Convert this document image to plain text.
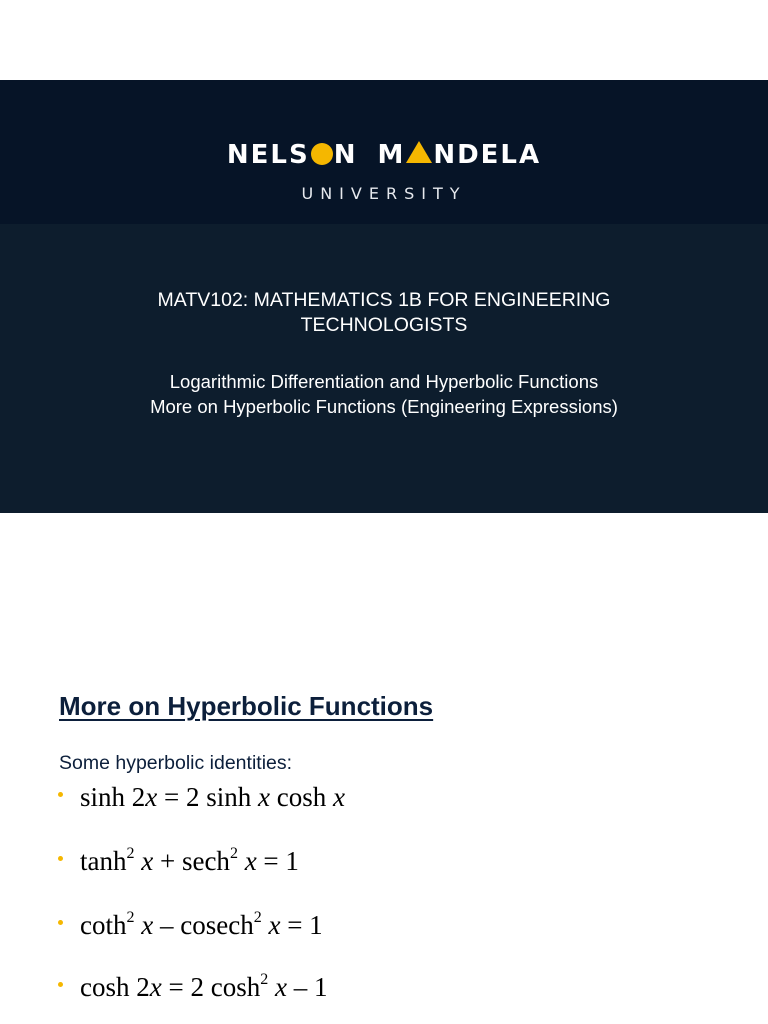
NELS N M NDELA
UNIVERSITY
MATV102: MATHEMATICS 1B FOR ENGINEERING TECHNOLOGISTS
Logarithmic Differentiation and Hyperbolic Functions
More on Hyperbolic Functions (Engineering Expressions)
More on Hyperbolic Functions
Some hyperbolic identities:
sinh 2x = 2 sinh x cosh x
$\tanh^2 x + \sec h^2$ x = 1
coth$^2$ x – cosech$^2$ x = 1
cosh 2x = 2 $\cosh^2 x - 1$
